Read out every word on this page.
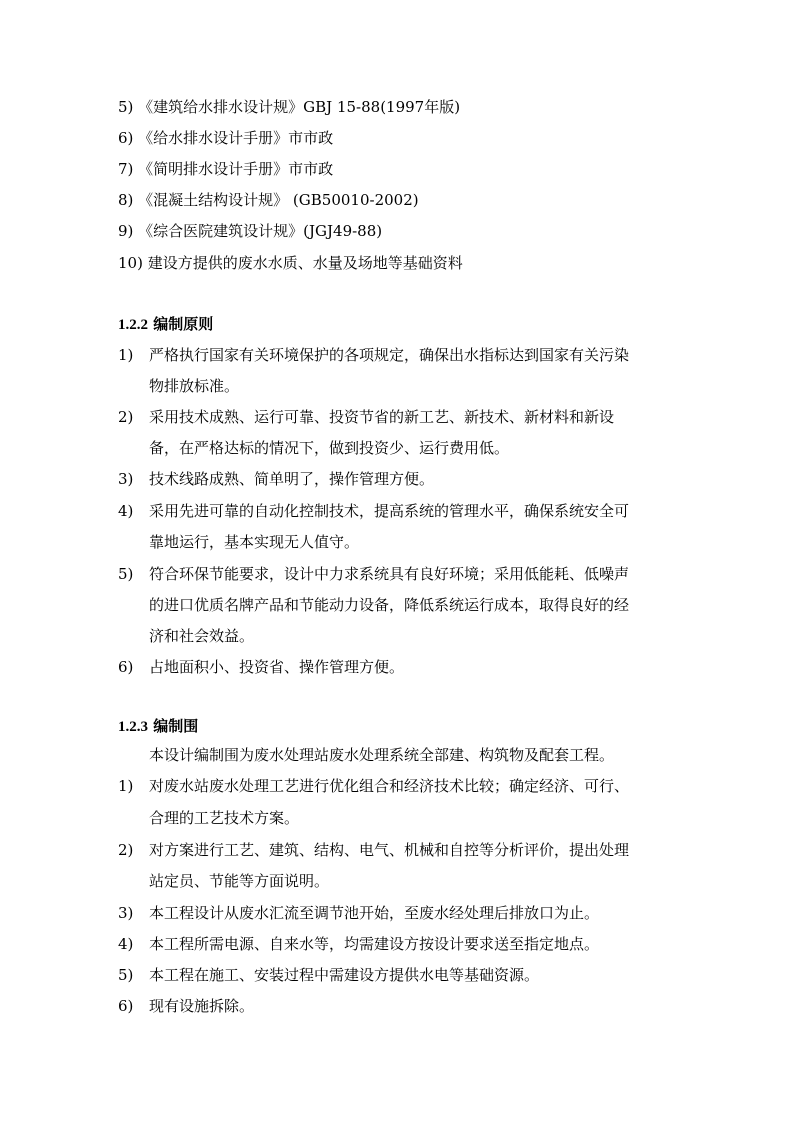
5) 《建筑给水排水设计规》GBJ 15-88(1997年版)
6) 《给水排水设计手册》市市政
7) 《简明排水设计手册》市市政
8) 《混凝土结构设计规》 (GB50010-2002)
9) 《综合医院建筑设计规》(JGJ49-88)
10) 建设方提供的废水水质、水量及场地等基础资料
1.2.2 编制原则
1) 严格执行国家有关环境保护的各项规定，确保出水指标达到国家有关污染
物排放标准。
2) 采用技术成熟、运行可靠、投资节省的新工艺、新技术、新材料和新设
备，在严格达标的情况下，做到投资少、运行费用低。
3) 技术线路成熟、简单明了，操作管理方便。
4) 采用先进可靠的自动化控制技术，提高系统的管理水平，确保系统安全可
靠地运行，基本实现无人值守。
5) 符合环保节能要求，设计中力求系统具有良好环境；采用低能耗、低噪声
的进口优质名牌产品和节能动力设备，降低系统运行成本，取得良好的经
济和社会效益。
6) 占地面积小、投资省、操作管理方便。
1.2.3 编制围
本设计编制围为废水处理站废水处理系统全部建、构筑物及配套工程。
1) 对废水站废水处理工艺进行优化组合和经济技术比较；确定经济、可行、
合理的工艺技术方案。
2) 对方案进行工艺、建筑、结构、电气、机械和自控等分析评价，提出处理
站定员、节能等方面说明。
3) 本工程设计从废水汇流至调节池开始，至废水经处理后排放口为止。
4) 本工程所需电源、自来水等，均需建设方按设计要求送至指定地点。
5) 本工程在施工、安装过程中需建设方提供水电等基础资源。
6) 现有设施拆除。
